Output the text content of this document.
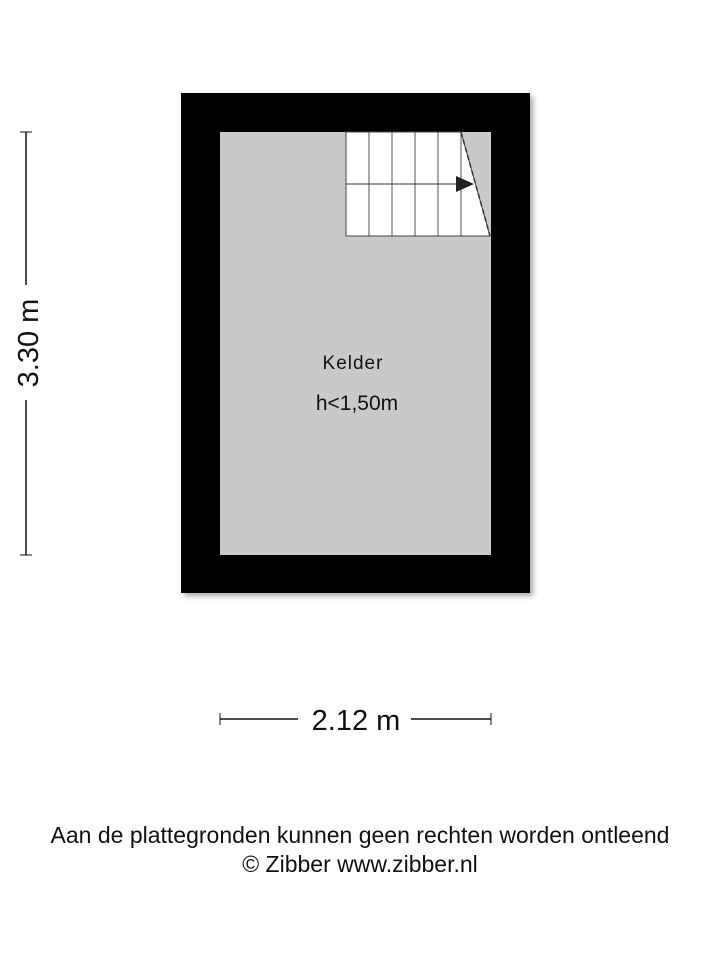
Kelder
h<1,50m
3.30 m
2.12 m
Aan de plattegronden kunnen geen rechten worden ontleend
© Zibber www.zibber.nl
